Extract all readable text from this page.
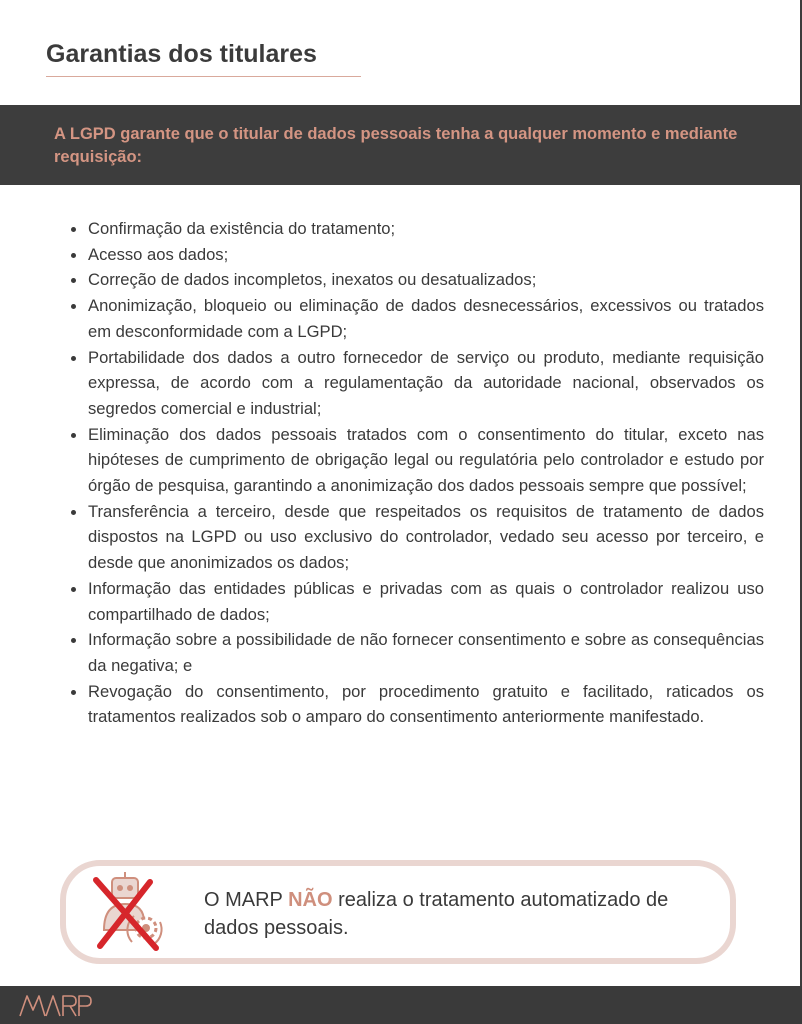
Garantias dos titulares

A LGPD garante que o titular de dados pessoais tenha a qualquer momento e mediante requisição:

Confirmação da existência do tratamento;
Acesso aos dados;
Correção de dados incompletos, inexatos ou desatualizados;
Anonimização, bloqueio ou eliminação de dados desnecessários, excessivos ou tratados em desconformidade com a LGPD;
Portabilidade dos dados a outro fornecedor de serviço ou produto, mediante requisição expressa, de acordo com a regulamentação da autoridade nacional, observados os segredos comercial e industrial;
Eliminação dos dados pessoais tratados com o consentimento do titular, exceto nas hipóteses de cumprimento de obrigação legal ou regulatória pelo controlador e estudo por órgão de pesquisa, garantindo a anonimização dos dados pessoais sempre que possível;
Transferência a terceiro, desde que respeitados os requisitos de tratamento de dados dispostos na LGPD ou uso exclusivo do controlador, vedado seu acesso por terceiro, e desde que anonimizados os dados;
Informação das entidades públicas e privadas com as quais o controlador realizou uso compartilhado de dados;
Informação sobre a possibilidade de não fornecer consentimento e sobre as consequências da negativa; e
Revogação do consentimento, por procedimento gratuito e facilitado, raticados os tratamentos realizados sob o amparo do consentimento anteriormente manifestado.

O MARP NÃO realiza o tratamento automatizado de dados pessoais.
